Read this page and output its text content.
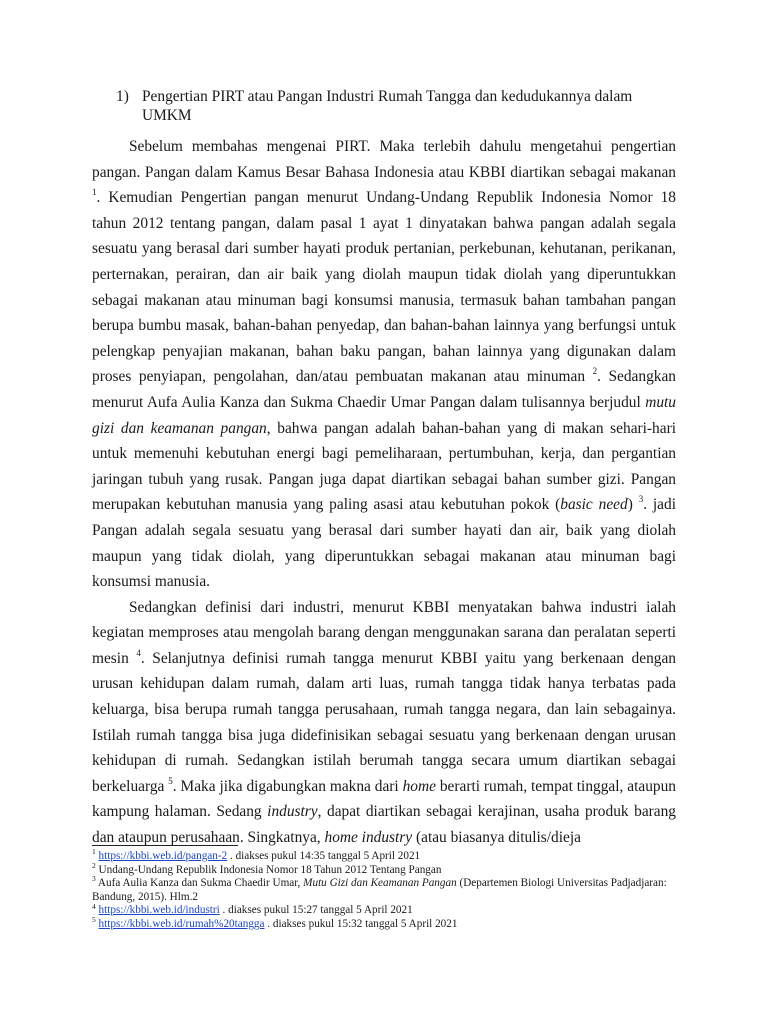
1) Pengertian PIRT atau Pangan Industri Rumah Tangga dan kedudukannya dalam UMKM

Sebelum membahas mengenai PIRT. Maka terlebih dahulu mengetahui pengertian pangan. Pangan dalam Kamus Besar Bahasa Indonesia atau KBBI diartikan sebagai makanan $^1$. Kemudian Pengertian pangan menurut Undang-Undang Republik Indonesia Nomor 18 tahun 2012 tentang pangan, dalam pasal 1 ayat 1 dinyatakan bahwa pangan adalah segala sesuatu yang berasal dari sumber hayati produk pertanian, perkebunan, kehutanan, perikanan, perternakan, perairan, dan air baik yang diolah maupun tidak diolah yang diperuntukkan sebagai makanan atau minuman bagi konsumsi manusia, termasuk bahan tambahan pangan berupa bumbu masak, bahan-bahan penyedap, dan bahan-bahan lainnya yang berfungsi untuk pelengkap penyajian makanan, bahan baku pangan, bahan lainnya yang digunakan dalam proses penyiapan, pengolahan, dan/atau pembuatan makanan atau minuman $^2$. Sedangkan menurut Aufa Aulia Kanza dan Sukma Chaedir Umar Pangan dalam tulisannya berjudul mutu gizi dan keamanan pangan, bahwa pangan adalah bahan-bahan yang di makan sehari-hari untuk memenuhi kebutuhan energi bagi pemeliharaan, pertumbuhan, kerja, dan pergantian jaringan tubuh yang rusak. Pangan juga dapat diartikan sebagai bahan sumber gizi. Pangan merupakan kebutuhan manusia yang paling asasi atau kebutuhan pokok (basic need) $^3$. jadi Pangan adalah segala sesuatu yang berasal dari sumber hayati dan air, baik yang diolah maupun yang tidak diolah, yang diperuntukkan sebagai makanan atau minuman bagi konsumsi manusia.

Sedangkan definisi dari industri, menurut KBBI menyatakan bahwa industri ialah kegiatan memproses atau mengolah barang dengan menggunakan sarana dan peralatan seperti mesin $^4$. Selanjutnya definisi rumah tangga menurut KBBI yaitu yang berkenaan dengan urusan kehidupan dalam rumah, dalam arti luas, rumah tangga tidak hanya terbatas pada keluarga, bisa berupa rumah tangga perusahaan, rumah tangga negara, dan lain sebagainya. Istilah rumah tangga bisa juga didefinisikan sebagai sesuatu yang berkenaan dengan urusan kehidupan di rumah. Sedangkan istilah berumah tangga secara umum diartikan sebagai berkeluarga $^5$. Maka jika digabungkan makna dari home berarti rumah, tempat tinggal, ataupun kampung halaman. Sedang industry, dapat diartikan sebagai kerajinan, usaha produk barang dan ataupun perusahaan. Singkatnya, home industry (atau biasanya ditulis/dieja

$^1$ https://kbbi.web.id/pangan-2 . diakses pukul 14:35 tanggal 5 April 2021

$^2$ Undang-Undang Republik Indonesia Nomor 18 Tahun 2012 Tentang Pangan

$^3$ Aufa Aulia Kanza dan Sukma Chaedir Umar, Mutu Gizi dan Keamanan Pangan (Departemen Biologi Universitas Padjadjaran: Bandung, 2015). Hlm.2

$^4$ https://kbbi.web.id/industri . diakses pukul 15:27 tanggal 5 April 2021

$^5$ https://kbbi.web.id/rumah%20tangga . diakses pukul 15:32 tanggal 5 April 2021
